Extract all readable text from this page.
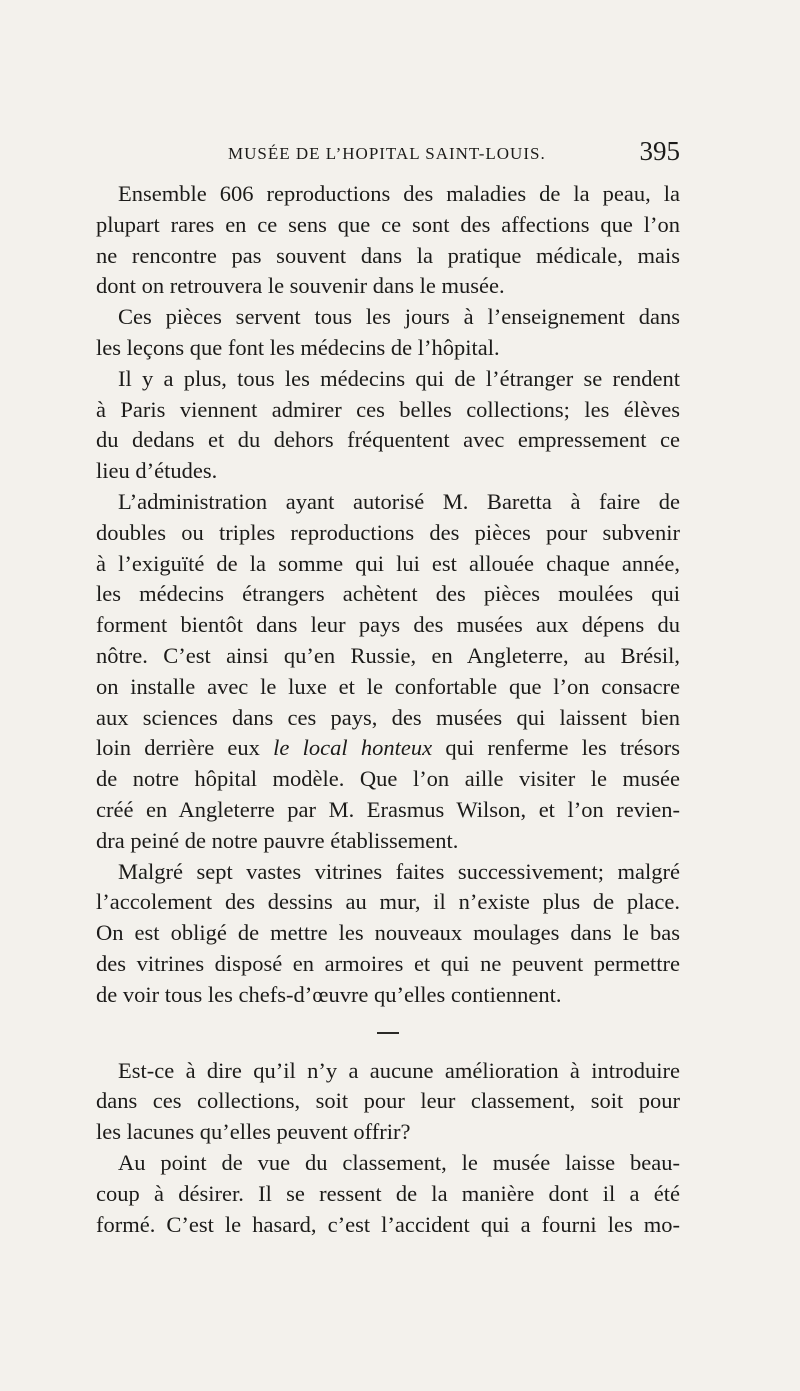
MUSÉE DE L’HOPITAL SAINT-LOUIS.	395
Ensemble 606 reproductions des maladies de la peau, la
plupart rares en ce sens que ce sont des affections que l’on
ne rencontre pas souvent dans la pratique médicale, mais
dont on retrouvera le souvenir dans le musée.
Ces pièces servent tous les jours à l’enseignement dans
les leçons que font les médecins de l’hôpital.
Il y a plus, tous les médecins qui de l’étranger se rendent
à Paris viennent admirer ces belles collections; les élèves
du dedans et du dehors fréquentent avec empressement ce
lieu d’études.
L’administration ayant autorisé M. Baretta à faire de
doubles ou triples reproductions des pièces pour subvenir
à l’exiguïté de la somme qui lui est allouée chaque année,
les médecins étrangers achètent des pièces moulées qui
forment bientôt dans leur pays des musées aux dépens du
nôtre. C’est ainsi qu’en Russie, en Angleterre, au Brésil,
on installe avec le luxe et le confortable que l’on consacre
aux sciences dans ces pays, des musées qui laissent bien
loin derrière eux le local honteux qui renferme les trésors
de notre hôpital modèle. Que l’on aille visiter le musée
créé en Angleterre par M. Erasmus Wilson, et l’on revien-
dra peiné de notre pauvre établissement.
Malgré sept vastes vitrines faites successivement; malgré
l’accolement des dessins au mur, il n’existe plus de place.
On est obligé de mettre les nouveaux moulages dans le bas
des vitrines disposé en armoires et qui ne peuvent permettre
de voir tous les chefs-d’œuvre qu’elles contiennent.
Est-ce à dire qu’il n’y a aucune amélioration à introduire
dans ces collections, soit pour leur classement, soit pour
les lacunes qu’elles peuvent offrir?
Au point de vue du classement, le musée laisse beau-
coup à désirer. Il se ressent de la manière dont il a été
formé. C’est le hasard, c’est l’accident qui a fourni les mo-
